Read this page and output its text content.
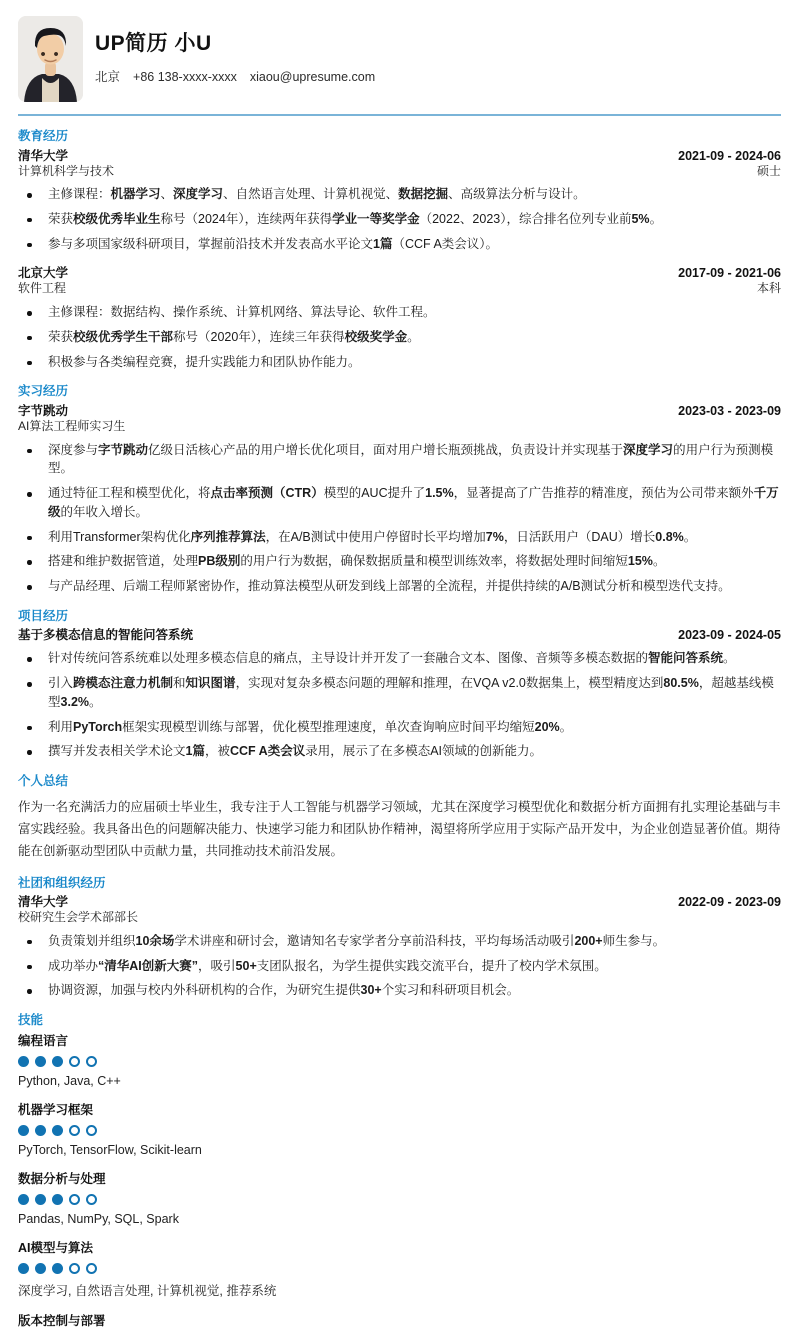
UP简历 小U
北京 +86 138-xxxx-xxxx xiaou@upresume.com
教育经历
清华大学	2021-09 - 2024-06
计算机科学与技术	硕士
主修课程：机器学习、深度学习、自然语言处理、计算机视觉、数据挖掘、高级算法分析与设计。
荣获校级优秀毕业生称号（2024年），连续两年获得学业一等奖学金（2022、2023），综合排名位列专业前5%。
参与多项国家级科研项目，掌握前沿技术并发表高水平论文1篇（CCF A类会议）。
北京大学	2017-09 - 2021-06
软件工程	本科
主修课程：数据结构、操作系统、计算机网络、算法导论、软件工程。
荣获校级优秀学生干部称号（2020年），连续三年获得校级奖学金。
积极参与各类编程竞赛，提升实践能力和团队协作能力。
实习经历
字节跳动	2023-03 - 2023-09
AI算法工程师实习生
深度参与字节跳动亿级日活核心产品的用户增长优化项目，面对用户增长瓶颈挑战，负责设计并实现基于深度学习的用户行为预测模型。
通过特征工程和模型优化，将点击率预测（CTR）模型的AUC提升了1.5%，显著提高了广告推荐的精准度，预估为公司带来额外千万级的年收入增长。
利用Transformer架构优化序列推荐算法，在A/B测试中使用户停留时长平均增加7%，日活跃用户（DAU）增长0.8%。
搭建和维护数据管道，处理PB级别的用户行为数据，确保数据质量和模型训练效率，将数据处理时间缩短15%。
与产品经理、后端工程师紧密协作，推动算法模型从研发到线上部署的全流程，并提供持续的A/B测试分析和模型迭代支持。
项目经历
基于多模态信息的智能问答系统	2023-09 - 2024-05
针对传统问答系统难以处理多模态信息的痛点，主导设计并开发了一套融合文本、图像、音频等多模态数据的智能问答系统。
引入跨模态注意力机制和知识图谱，实现对复杂多模态问题的理解和推理，在VQA v2.0数据集上，模型精度达到80.5%，超越基线模型3.2%。
利用PyTorch框架实现模型训练与部署，优化模型推理速度，单次查询响应时间平均缩短20%。
撰写并发表相关学术论文1篇，被CCF A类会议录用，展示了在多模态AI领域的创新能力。
个人总结

作为一名充满活力的应届硕士毕业生，我专注于人工智能与机器学习领域，尤其在深度学习模型优化和数据分析方面拥有扎实理论基础与丰富实践经验。我具备出色的问题解决能力、快速学习能力和团队协作精神，渴望将所学应用于实际产品开发中，为企业创造显著价值。期待能在创新驱动型团队中贡献力量，共同推动技术前沿发展。

社团和组织经历
清华大学	2022-09 - 2023-09
校研究生会学术部部长
负责策划并组织10余场学术讲座和研讨会，邀请知名专家学者分享前沿科技，平均每场活动吸引200+师生参与。
成功举办“清华AI创新大赛”，吸引50+支团队报名，为学生提供实践交流平台，提升了校内学术氛围。
协调资源，加强与校内外科研机构的合作，为研究生提供30+个实习和科研项目机会。
技能
编程语言
Python, Java, C++
机器学习框架
PyTorch, TensorFlow, Scikit-learn
数据分析与处理
Pandas, NumPy, SQL, Spark
AI模型与算法
深度学习, 自然语言处理, 计算机视觉, 推荐系统
版本控制与部署
